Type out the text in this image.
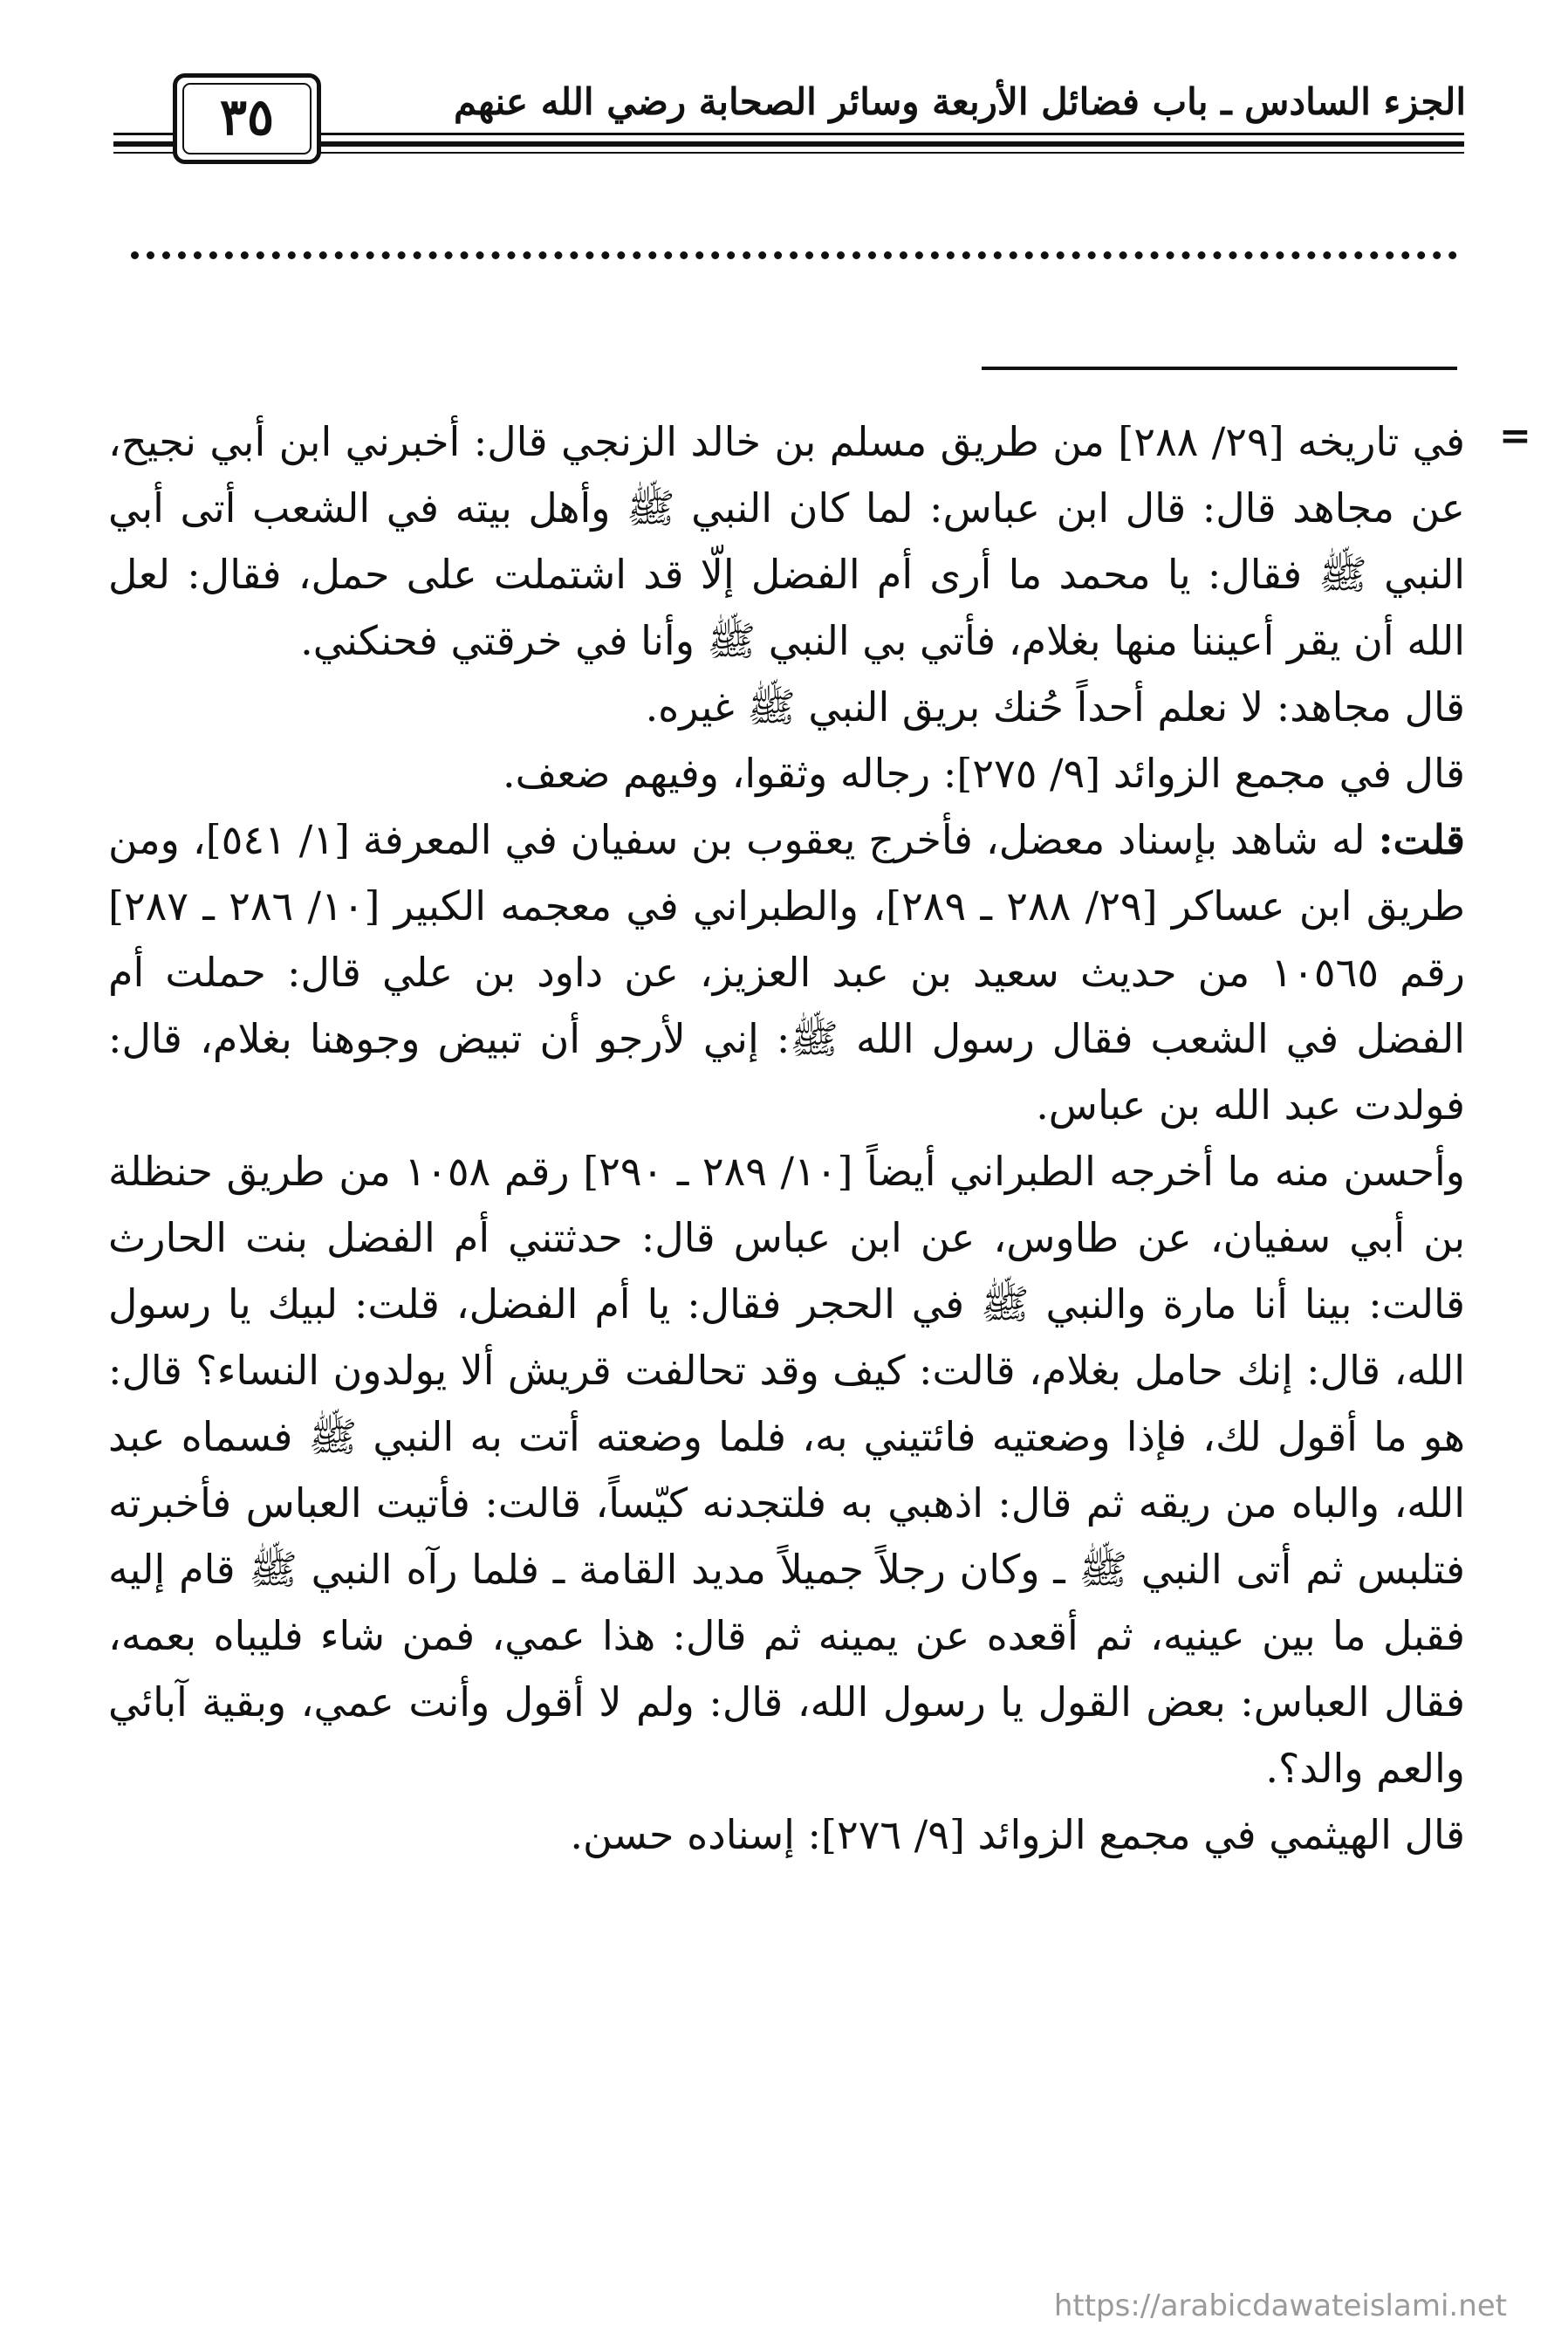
الجزء السادس ـ باب فضائل الأربعة وسائر الصحابة رضي الله عنهم
٣٥
=

في تاريخه [٢٩/ ٢٨٨] من طريق مسلم بن خالد الزنجي قال: أخبرني ابن أبي نجيح، عن مجاهد قال: قال ابن عباس: لما كان النبي ﷺ وأهل بيته في الشعب أتى أبي النبي ﷺ فقال: يا محمد ما أرى أم الفضل إلّا قد اشتملت على حمل، فقال: لعل الله أن يقر أعيننا منها بغلام، فأتي بي النبي ﷺ وأنا في خرقتي فحنكني.

قال مجاهد: لا نعلم أحداً حُنك بريق النبي ﷺ غيره.

قال في مجمع الزوائد [٩/ ٢٧٥]: رجاله وثقوا، وفيهم ضعف.

قلت: له شاهد بإسناد معضل، فأخرج يعقوب بن سفيان في المعرفة [١/ ٥٤١]، ومن طريق ابن عساكر [٢٩/ ٢٨٨ ـ ٢٨٩]، والطبراني في معجمه الكبير [١٠/ ٢٨٦ ـ ٢٨٧] رقم ١٠٥٦٥ من حديث سعيد بن عبد العزيز، عن داود بن علي قال: حملت أم الفضل في الشعب فقال رسول الله ﷺ: إني لأرجو أن تبيض وجوهنا بغلام، قال: فولدت عبد الله بن عباس.

وأحسن منه ما أخرجه الطبراني أيضاً [١٠/ ٢٨٩ ـ ٢٩٠] رقم ١٠٥٨ من طريق حنظلة بن أبي سفيان، عن طاوس، عن ابن عباس قال: حدثتني أم الفضل بنت الحارث قالت: بينا أنا مارة والنبي ﷺ في الحجر فقال: يا أم الفضل، قلت: لبيك يا رسول الله، قال: إنك حامل بغلام، قالت: كيف وقد تحالفت قريش ألا يولدون النساء؟ قال: هو ما أقول لك، فإذا وضعتيه فائتيني به، فلما وضعته أتت به النبي ﷺ فسماه عبد الله، والباه من ريقه ثم قال: اذهبي به فلتجدنه كيّساً، قالت: فأتيت العباس فأخبرته فتلبس ثم أتى النبي ﷺ ـ وكان رجلاً جميلاً مديد القامة ـ فلما رآه النبي ﷺ قام إليه فقبل ما بين عينيه، ثم أقعده عن يمينه ثم قال: هذا عمي، فمن شاء فليباه بعمه، فقال العباس: بعض القول يا رسول الله، قال: ولم لا أقول وأنت عمي، وبقية آبائي والعم والد؟.

قال الهيثمي في مجمع الزوائد [٩/ ٢٧٦]: إسناده حسن.

https://arabicdawateislami.net
